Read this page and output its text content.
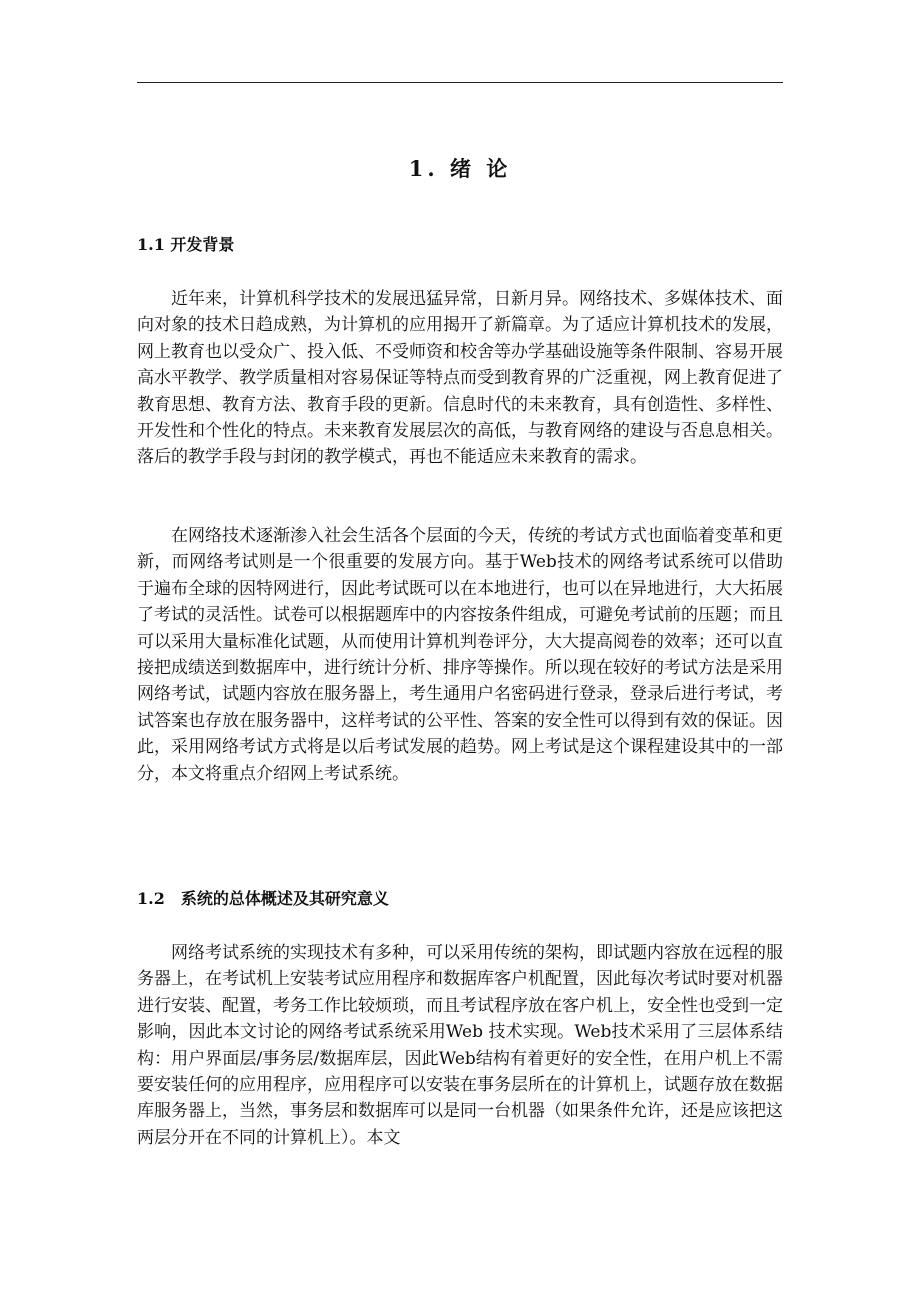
1. 绪 论
1.1 开发背景

近年来，计算机科学技术的发展迅猛异常，日新月异。网络技术、多媒体技术、面向对象的技术日趋成熟，为计算机的应用揭开了新篇章。为了适应计算机技术的发展，网上教育也以受众广、投入低、不受师资和校舍等办学基础设施等条件限制、容易开展高水平教学、教学质量相对容易保证等特点而受到教育界的广泛重视，网上教育促进了教育思想、教育方法、教育手段的更新。信息时代的未来教育，具有创造性、多样性、开发性和个性化的特点。未来教育发展层次的高低，与教育网络的建设与否息息相关。落后的教学手段与封闭的教学模式，再也不能适应未来教育的需求。

在网络技术逐渐渗入社会生活各个层面的今天，传统的考试方式也面临着变革和更新，而网络考试则是一个很重要的发展方向。基于Web技术的网络考试系统可以借助于遍布全球的因特网进行，因此考试既可以在本地进行，也可以在异地进行，大大拓展了考试的灵活性。试卷可以根据题库中的内容按条件组成，可避免考试前的压题；而且可以采用大量标准化试题，从而使用计算机判卷评分，大大提高阅卷的效率；还可以直接把成绩送到数据库中，进行统计分析、排序等操作。所以现在较好的考试方法是采用网络考试，试题内容放在服务器上，考生通用户名密码进行登录，登录后进行考试，考试答案也存放在服务器中，这样考试的公平性、答案的安全性可以得到有效的保证。因此，采用网络考试方式将是以后考试发展的趋势。网上考试是这个课程建设其中的一部分，本文将重点介绍网上考试系统。

1.2　系统的总体概述及其研究意义

网络考试系统的实现技术有多种，可以采用传统的架构，即试题内容放在远程的服务器上，在考试机上安装考试应用程序和数据库客户机配置，因此每次考试时要对机器进行安装、配置，考务工作比较烦琐，而且考试程序放在客户机上，安全性也受到一定影响，因此本文讨论的网络考试系统采用Web 技术实现。Web技术采用了三层体系结构：用户界面层/事务层/数据库层，因此Web结构有着更好的安全性，在用户机上不需要安装任何的应用程序，应用程序可以安装在事务层所在的计算机上，试题存放在数据库服务器上，当然，事务层和数据库可以是同一台机器（如果条件允许，还是应该把这两层分开在不同的计算机上）。本文
